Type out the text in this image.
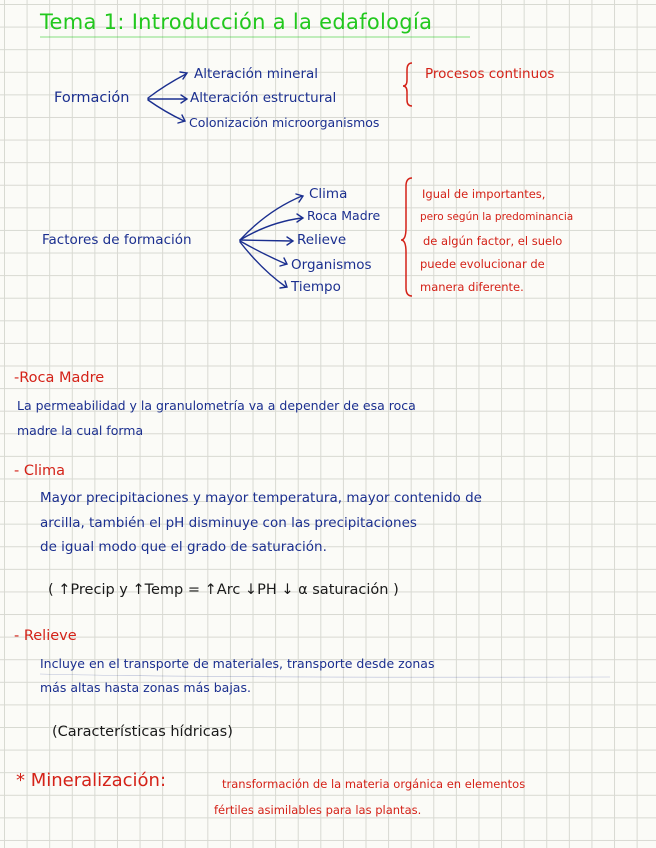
Tema 1: Introducción a la edafología
Formación
Alteración mineral
Alteración estructural
Colonización microorganismos
Procesos continuos
Factores de formación
Clima
Roca Madre
Relieve
Organismos
Tiempo
Igual de importantes,
pero según la predominancia
de algún factor, el suelo
puede evolucionar de
manera diferente.
-Roca Madre
La permeabilidad y la granulometría va a depender de esa roca
madre la cual forma
- Clima
Mayor precipitaciones y mayor temperatura, mayor contenido de
arcilla, también el pH disminuye con las precipitaciones
de igual modo que el grado de saturación.
( ↑Precip y ↑Temp = ↑Arc ↓PH ↓ α saturación )
- Relieve
Incluye en el transporte de materiales, transporte desde zonas
más altas hasta zonas más bajas.
(Características hídricas)
* Mineralización:	transformación de la materia orgánica en elementos
fértiles asimilables para las plantas.
